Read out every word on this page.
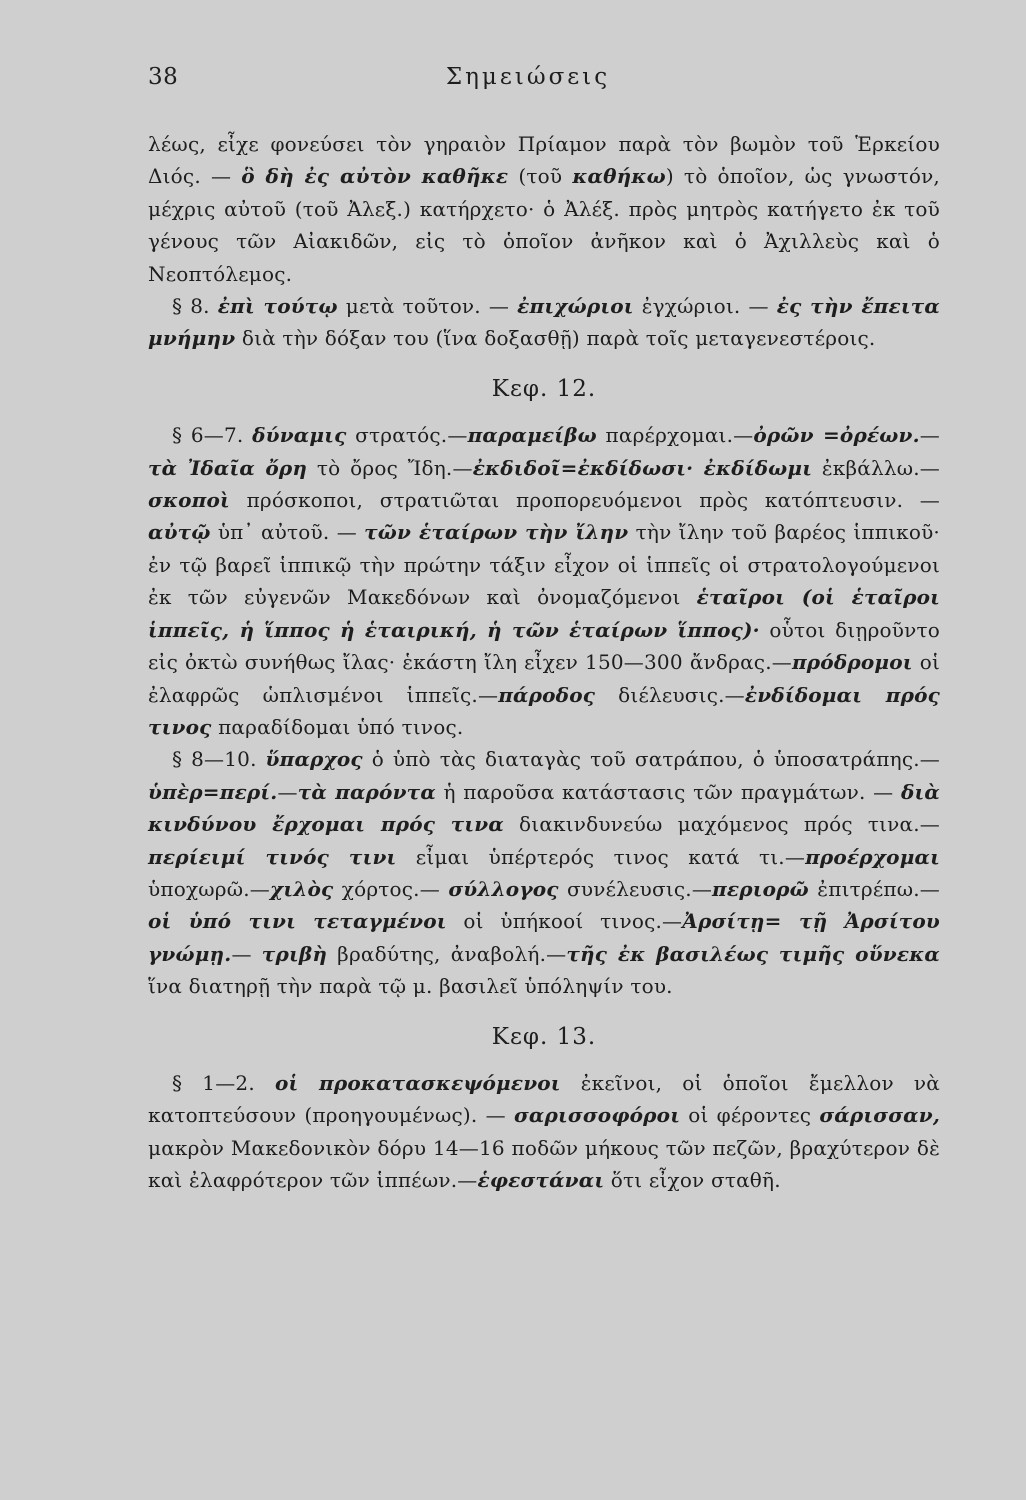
38	Σημειώσεις

λέως, εἶχε φονεύσει τὸν γηραιὸν Πρίαμον παρὰ τὸν βωμὸν τοῦ Ἑρκείου Διός. — ὃ δὴ ἐς αὐτὸν καθῆκε (τοῦ καθήκω) τὸ ὁποῖον, ὡς γνωστόν, μέχρις αὐτοῦ (τοῦ Ἀλεξ.) κατήρχετο· ὁ Ἀλέξ. πρὸς μητρὸς κατήγετο ἐκ τοῦ γένους τῶν Αἰακιδῶν, εἰς τὸ ὁποῖον ἀνῆκον καὶ ὁ Ἀχιλλεὺς καὶ ὁ Νεοπτόλεμος.

§ 8. ἐπὶ τούτῳ μετὰ τοῦτον. — ἐπιχώριοι ἐγχώριοι. — ἐς τὴν ἔπειτα μνήμην διὰ τὴν δόξαν του (ἵνα δοξασθῇ) παρὰ τοῖς μεταγενεστέροις.

Κεφ. 12.

§ 6—7. δύναμις στρατός.—παραμείβω παρέρχομαι.—ὀρῶν =ὀρέων.—τὰ Ἰδαῖα ὄρη τὸ ὄρος Ἴδη.—ἐκδιδοῖ=ἐκδίδωσι· ἐκδίδωμι ἐκβάλλω.—σκοποὶ πρόσκοποι, στρατιῶται προπορευόμενοι πρὸς κατόπτευσιν. — αὐτῷ ὑπ᾽ αὐτοῦ. — τῶν ἑταίρων τὴν ἴλην τὴν ἴλην τοῦ βαρέος ἱππικοῦ· ἐν τῷ βαρεῖ ἱππικῷ τὴν πρώτην τάξιν εἶχον οἱ ἱππεῖς οἱ στρατολογούμενοι ἐκ τῶν εὐγενῶν Μακεδόνων καὶ ὀνομαζόμενοι ἑταῖροι (οἱ ἑταῖροι ἱππεῖς, ἡ ἵππος ἡ ἑταιρική, ἡ τῶν ἑταίρων ἵππος)· οὗτοι διῃροῦντο εἰς ὀκτὼ συνήθως ἴλας· ἑκάστη ἴλη εἶχεν 150—300 ἄνδρας.—πρόδρομοι οἱ ἐλαφρῶς ὡπλισμένοι ἱππεῖς.—πάροδος διέλευσις.—ἐνδίδομαι πρός τινος παραδίδομαι ὑπό τινος.

§ 8—10. ὕπαρχος ὁ ὑπὸ τὰς διαταγὰς τοῦ σατράπου, ὁ ὑποσατράπης.—ὑπὲρ=περί.—τὰ παρόντα ἡ παροῦσα κατάστασις τῶν πραγμάτων. — διὰ κινδύνου ἔρχομαι πρός τινα διακινδυνεύω μαχόμενος πρός τινα.—περίειμί τινός τινι εἶμαι ὑπέρτερός τινος κατά τι.—προέρχομαι ὑποχωρῶ.—χιλὸς χόρτος.— σύλλογος συνέλευσις.—περιορῶ ἐπιτρέπω.— οἱ ὑπό τινι τεταγμένοι οἱ ὑπήκοοί τινος.—Ἀρσίτῃ= τῇ Ἀρσίτου γνώμῃ.— τριβὴ βραδύτης, ἀναβολή.—τῆς ἐκ βασιλέως τιμῆς οὕνεκα ἵνα διατηρῇ τὴν παρὰ τῷ μ. βασιλεῖ ὑπόληψίν του.

Κεφ. 13.

§ 1—2. οἱ προκατασκεψόμενοι ἐκεῖνοι, οἱ ὁποῖοι ἔμελλον νὰ κατοπτεύσουν (προηγουμένως). — σαρισσοφόροι οἱ φέροντες σάρισσαν, μακρὸν Μακεδονικὸν δόρυ 14—16 ποδῶν μήκους τῶν πεζῶν, βραχύτερον δὲ καὶ ἐλαφρότερον τῶν ἱππέων.—ἑφεστάναι ὅτι εἶχον σταθῆ.
